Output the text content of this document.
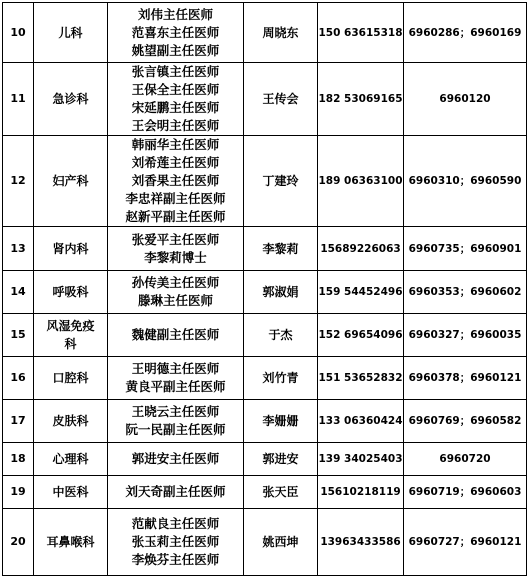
10	儿科	刘伟主任医师
范喜东主任医师
姚望副主任医师	周晓东	150 63615318	6960286；6960169
11	急诊科	张言镇主任医师
王保全主任医师
宋延鹏主任医师
王会明主任医师	王传会	182 53069165	6960120
12	妇产科	韩丽华主任医师
刘希莲主任医师
刘香果主任医师
李忠祥副主任医师
赵新平副主任医师	丁建玲	189 06363100	6960310；6960590
13	肾内科	张爱平主任医师
李黎莉博士	李黎莉	15689226063	6960735；6960901
14	呼吸科	孙传美主任医师
滕琳主任医师	郭淑娟	159 54452496	6960353；6960602
15	风湿免疫
科	魏健副主任医师	于杰	152 69654096	6960327；6960035
16	口腔科	王明德主任医师
黄良平副主任医师	刘竹青	151 53652832	6960378；6960121
17	皮肤科	王晓云主任医师
阮一民副主任医师	李姗姗	133 06360424	6960769；6960582
18	心理科	郭进安主任医师	郭进安	139 34025403	6960720
19	中医科	刘天奇副主任医师	张天臣	15610218119	6960719；6960603
20	耳鼻喉科	范献良主任医师
张玉莉主任医师
李焕芬主任医师	姚西坤	13963433586	6960727；6960121
